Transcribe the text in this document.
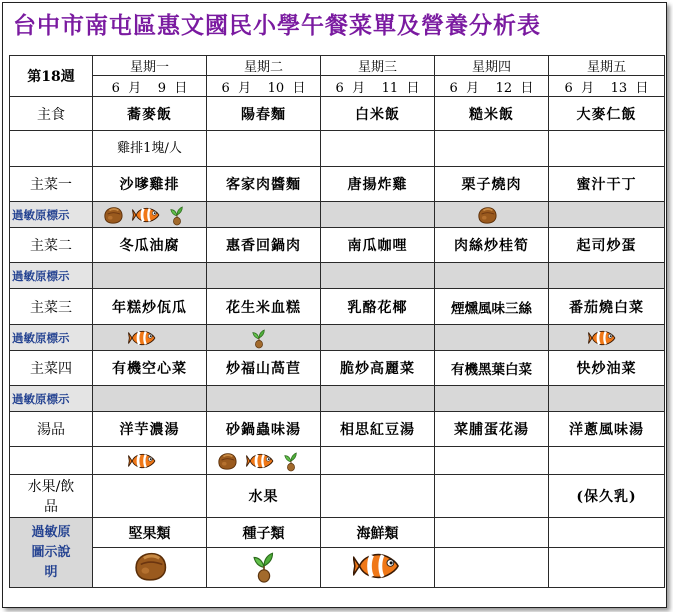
台中市南屯區惠文國民小學午餐菜單及營養分析表
第18週	星期一	星期二	星期三	星期四	星期五
	6 月 9 日	6 月 10 日	6 月 11 日	6 月 12 日	6 月 13 日
主食	蕎麥飯	陽春麵	白米飯	糙米飯	大麥仁飯
	雞排1塊/人				
主菜一	沙嗲雞排	客家肉醬麵	唐揚炸雞	栗子燒肉	蜜汁干丁
過敏原標示	

主菜二	冬瓜油腐	惠香回鍋肉	南瓜咖哩	肉絲炒桂筍	起司炒蛋
過敏原標示	

主菜三	年糕炒佤瓜	花生米血糕	乳酪花椰	煙燻風味三絲	番茄燒白菜
過敏原標示	

主菜四	有機空心菜	炒福山萵苣	脆炒高麗菜	有機黑葉白菜	快炒油菜
過敏原標示	

湯品	洋芋濃湯	砂鍋蟲味湯	相思紅豆湯	菜脯蛋花湯	洋蔥風味湯

水果/飲
品		水果			(保久乳)

過敏原
圖示說
明	堅果類	種子類	海鮮類		
